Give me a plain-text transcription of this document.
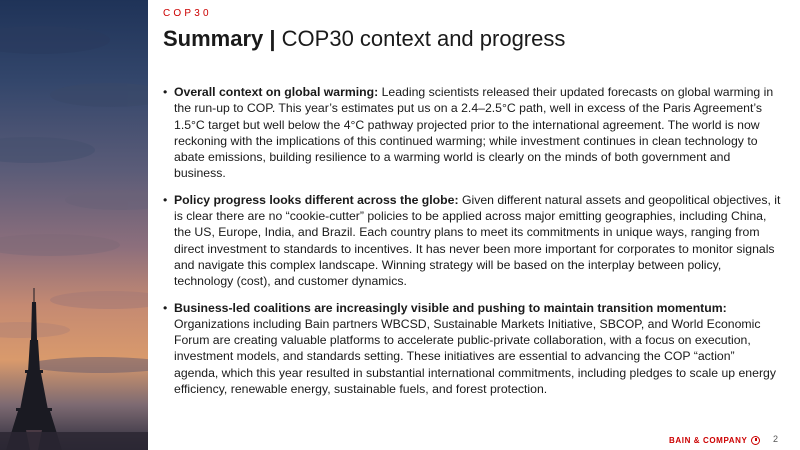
COP30
Summary | COP30 context and progress
• Overall context on global warming: Leading scientists released their updated forecasts on global warming in the run-up to COP. This year’s estimates put us on a 2.4–2.5°C path, well in excess of the Paris Agreement’s 1.5°C target but well below the 4°C pathway projected prior to the international agreement. The world is now reckoning with the implications of this continued warming; while investment continues in clean technology to abate emissions, building resilience to a warming world is clearly on the minds of both government and business.
• Policy progress looks different across the globe: Given different natural assets and geopolitical objectives, it is clear there are no “cookie-cutter” policies to be applied across major emitting geographies, including China, the US, Europe, India, and Brazil. Each country plans to meet its commitments in unique ways, ranging from direct investment to standards to incentives. It has never been more important for corporates to monitor signals and navigate this complex landscape. Winning strategy will be based on the interplay between policy, technology (cost), and customer dynamics.
• Business-led coalitions are increasingly visible and pushing to maintain transition momentum: Organizations including Bain partners WBCSD, Sustainable Markets Initiative, SBCOP, and World Economic Forum are creating valuable platforms to accelerate public-private collaboration, with a focus on execution, investment models, and standards setting. These initiatives are essential to advancing the COP “action” agenda, which this year resulted in substantial international commitments, including pledges to scale up energy efficiency, renewable energy, sustainable fuels, and forest protection.
BAIN & COMPANY	2
